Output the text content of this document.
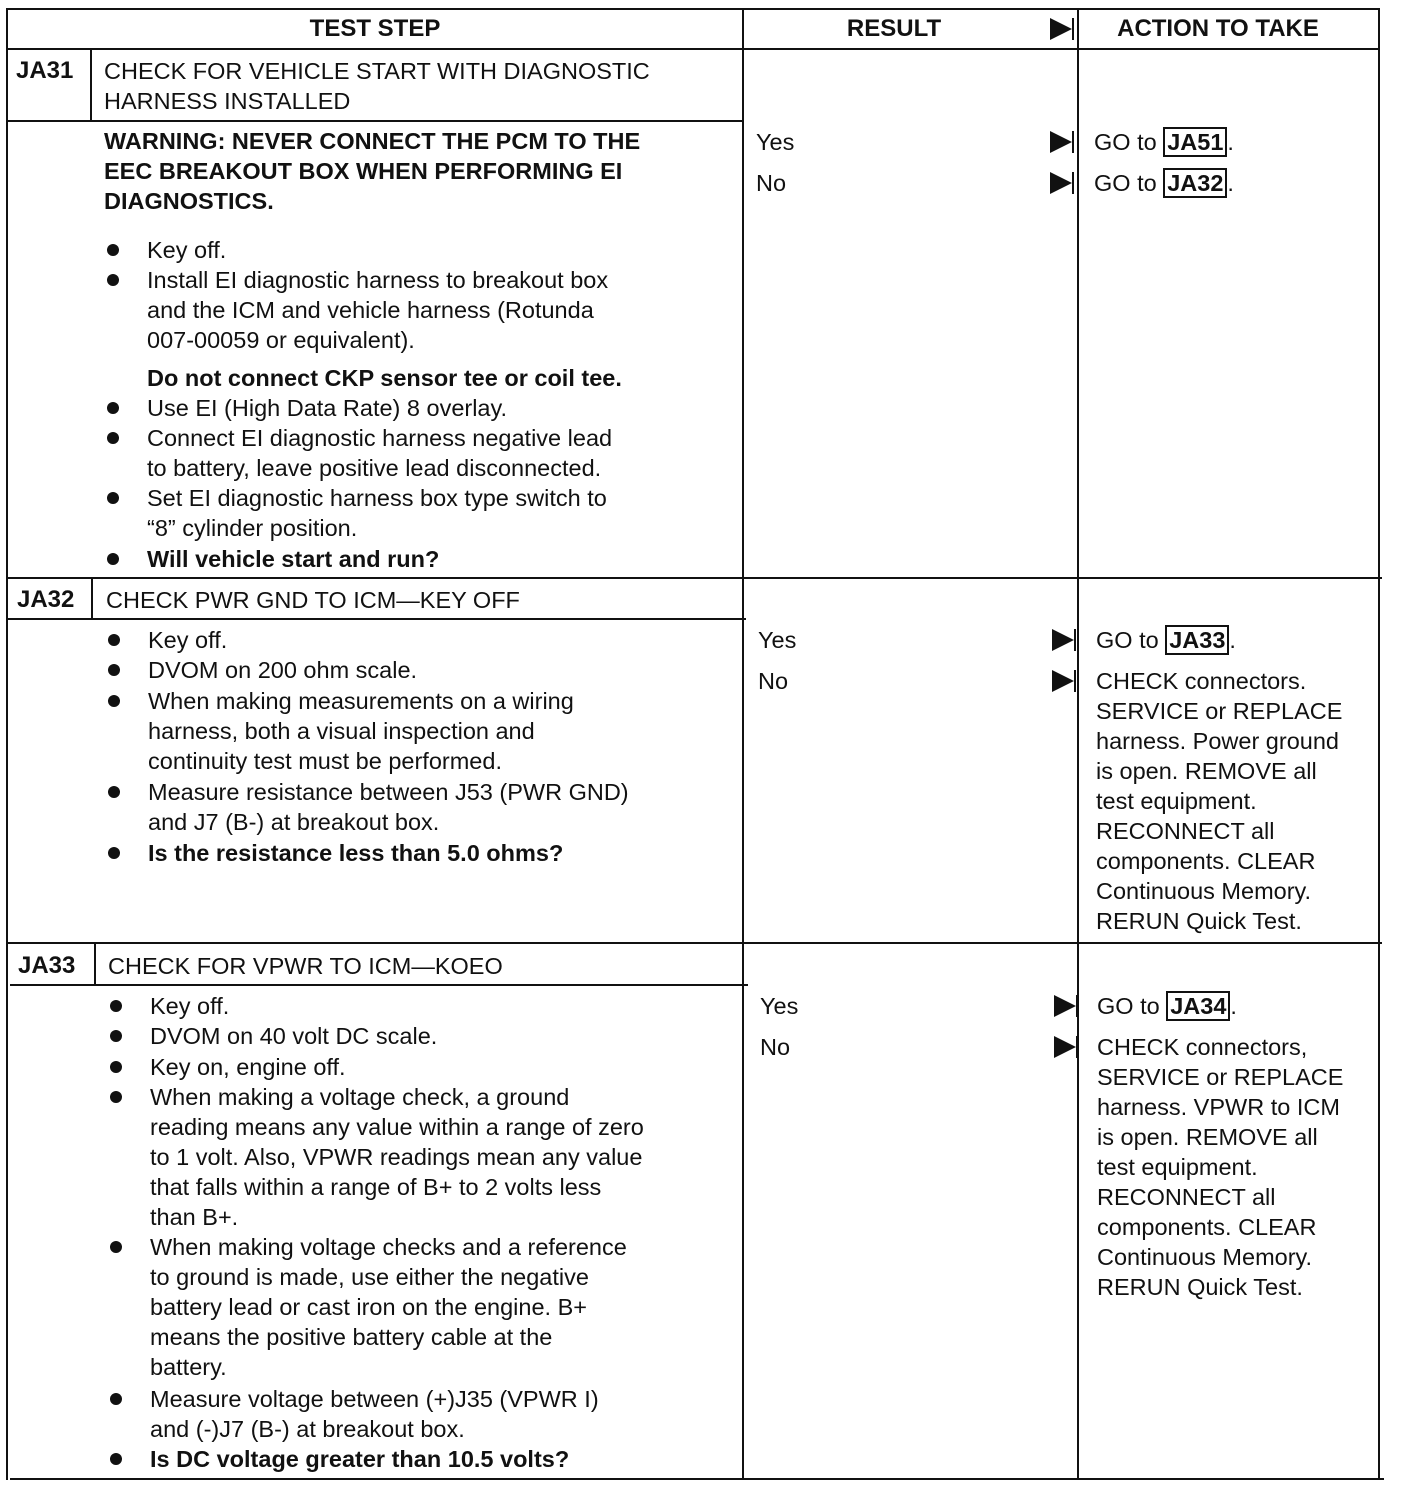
TEST STEP	RESULT	ACTION TO TAKE
JA31 CHECK FOR VEHICLE START WITH DIAGNOSTIC
HARNESS INSTALLED
WARNING: NEVER CONNECT THE PCM TO THE
EEC BREAKOUT BOX WHEN PERFORMING EI
DIAGNOSTICS.
Key off.
Install EI diagnostic harness to breakout box
and the ICM and vehicle harness (Rotunda
007-00059 or equivalent).
Do not connect CKP sensor tee or coil tee.
Use EI (High Data Rate) 8 overlay.
Connect EI diagnostic harness negative lead
to battery, leave positive lead disconnected.
Set EI diagnostic harness box type switch to
“8” cylinder position.
Will vehicle start and run?
Yes
No
GO to JA51 .
GO to JA32 .
JA32 CHECK PWR GND TO ICM—KEY OFF
Key off.
DVOM on 200 ohm scale.
When making measurements on a wiring
harness, both a visual inspection and
continuity test must be performed.
Measure resistance between J53 (PWR GND)
and J7 (B-) at breakout box.
Is the resistance less than 5.0 ohms?
Yes
No
GO to JA33 .
CHECK connectors.
SERVICE or REPLACE
harness. Power ground
is open. REMOVE all
test equipment.
RECONNECT all
components. CLEAR
Continuous Memory.
RERUN Quick Test.
JA33 CHECK FOR VPWR TO ICM—KOEO
Key off.
DVOM on 40 volt DC scale.
Key on, engine off.
When making a voltage check, a ground
reading means any value within a range of zero
to 1 volt. Also, VPWR readings mean any value
that falls within a range of B+ to 2 volts less
than B+.
When making voltage checks and a reference
to ground is made, use either the negative
battery lead or cast iron on the engine. B+
means the positive battery cable at the
battery.
Measure voltage between (+)J35 (VPWR I)
and (-)J7 (B-) at breakout box.
Is DC voltage greater than 10.5 volts?
Yes
No
GO to JA34 .
CHECK connectors,
SERVICE or REPLACE
harness. VPWR to ICM
is open. REMOVE all
test equipment.
RECONNECT all
components. CLEAR
Continuous Memory.
RERUN Quick Test.
